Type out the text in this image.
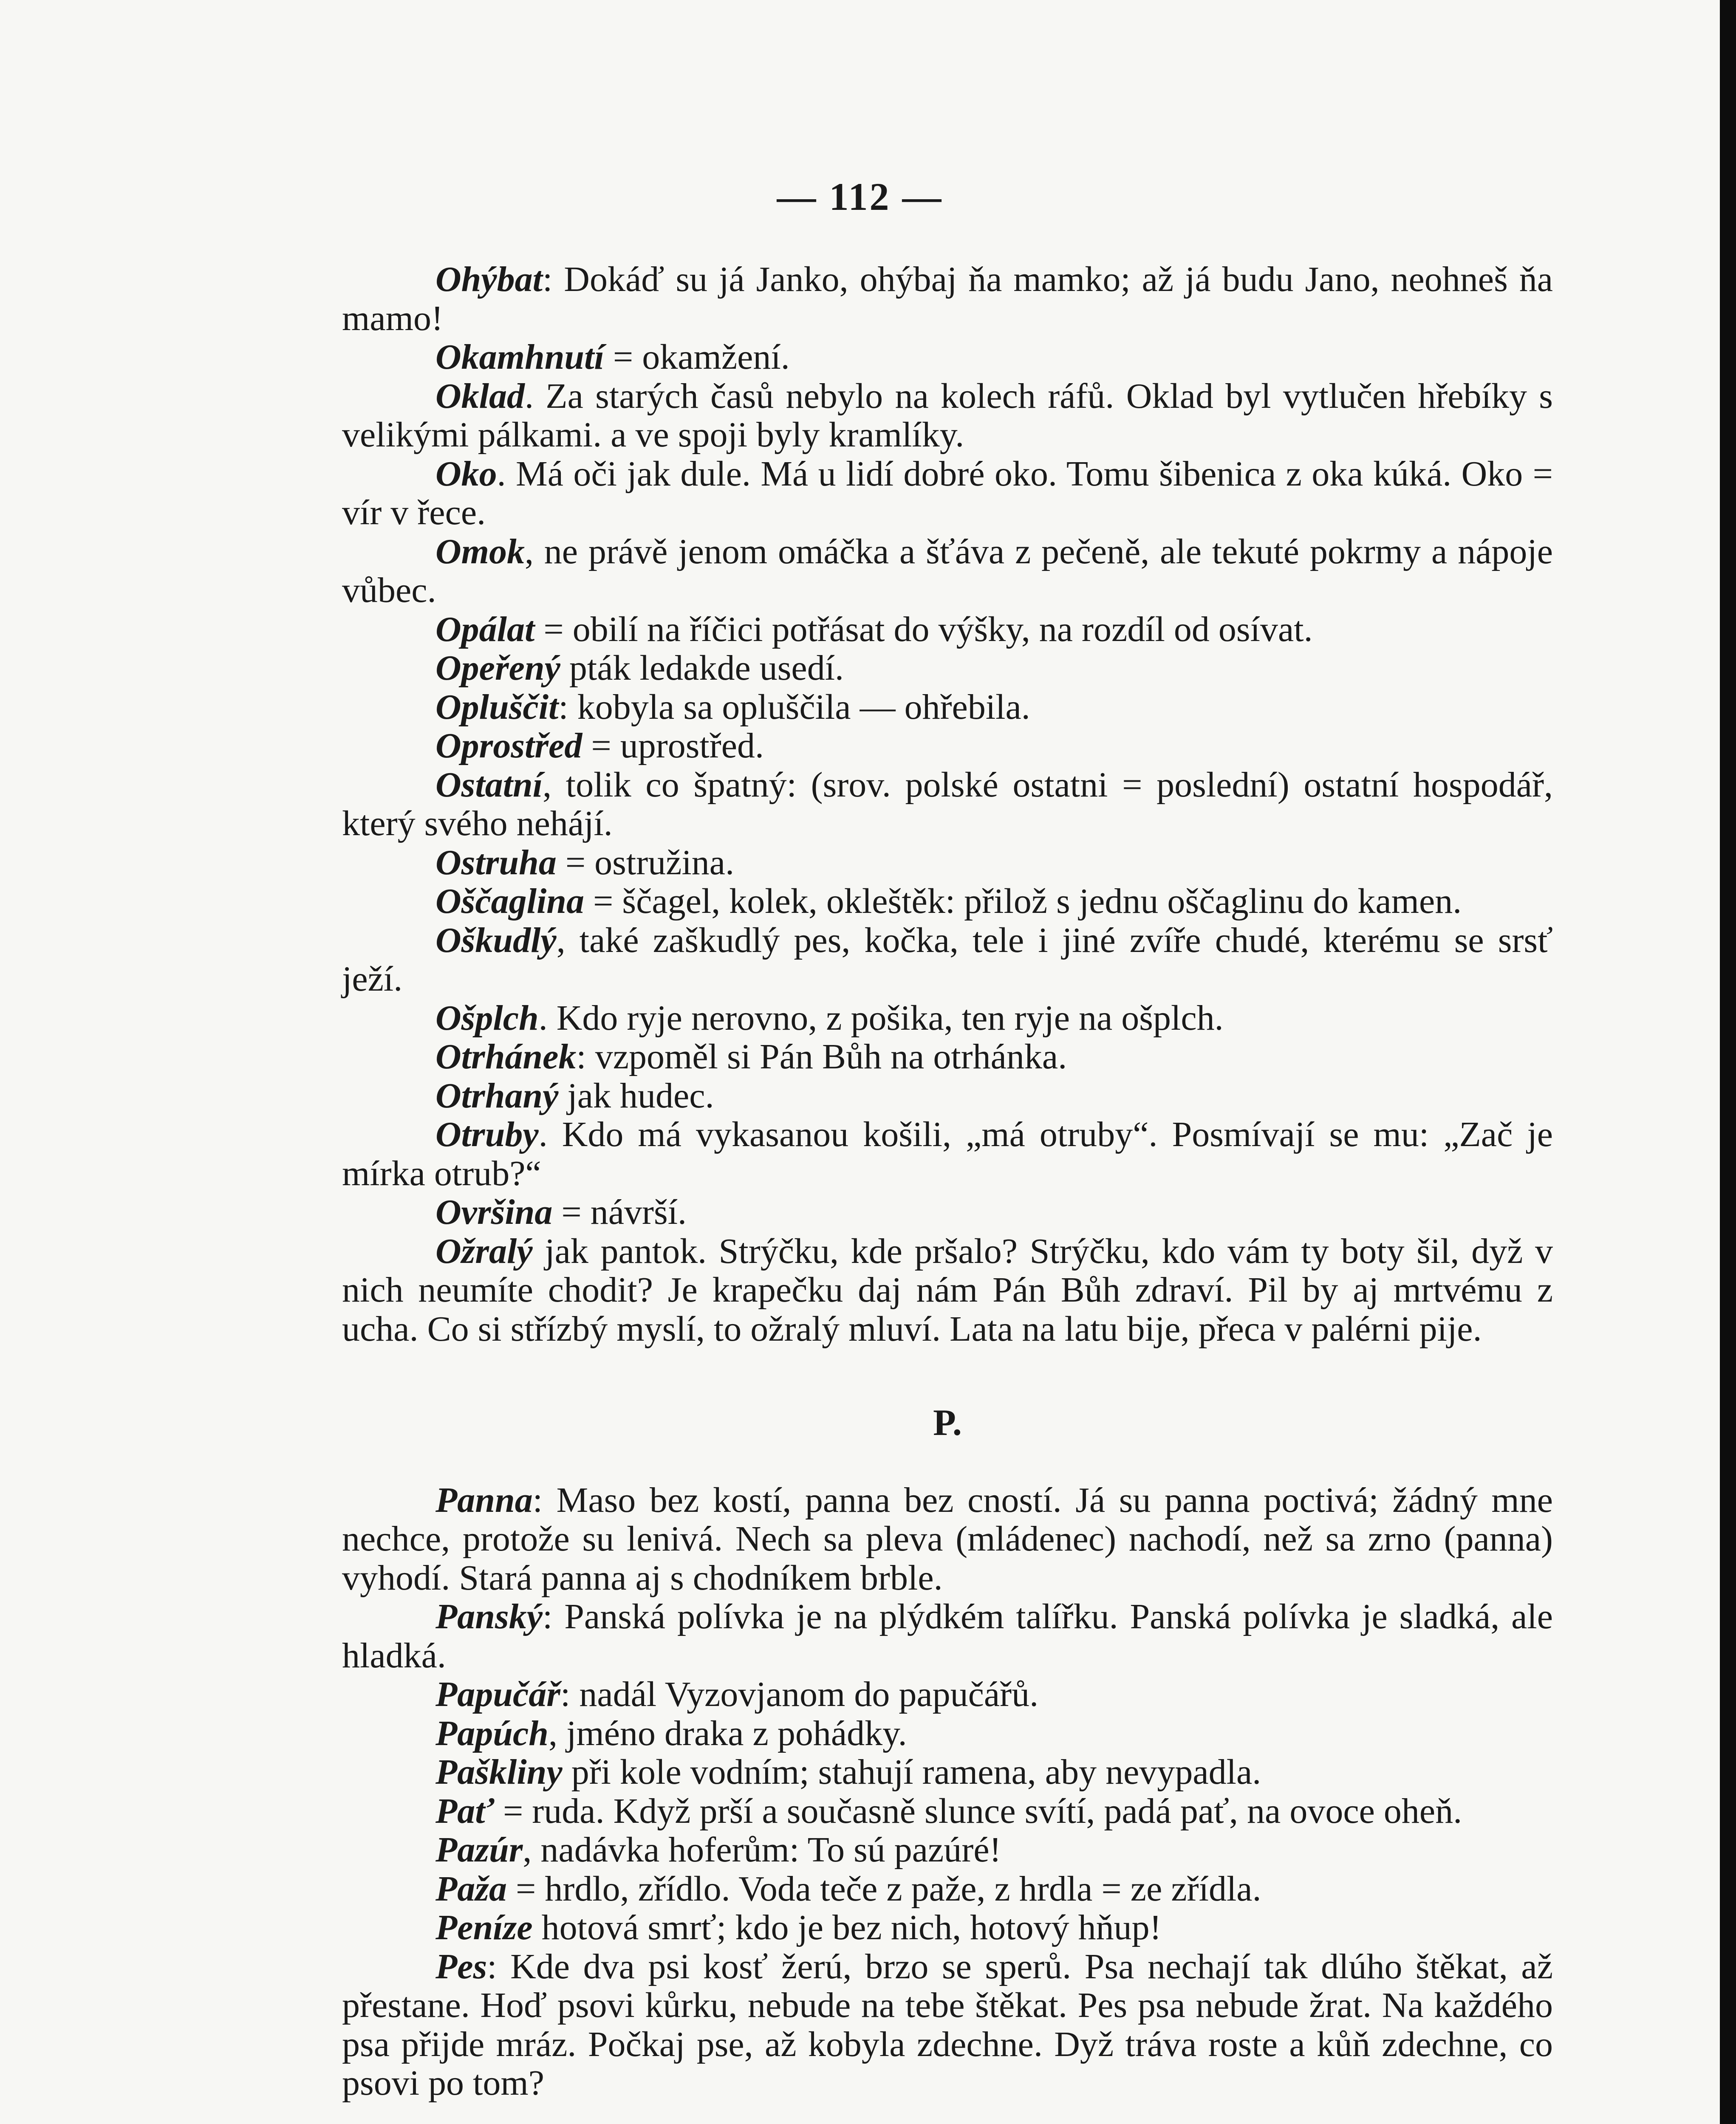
— 112 —

Ohýbat: Dokáď su já Janko, ohýbaj ňa mamko; až já budu Jano, neohneš ňa mamo!

Okamhnutí = okamžení.

Oklad. Za starých časů nebylo na kolech ráfů. Oklad byl vytlučen hřebíky s velikými pálkami. a ve spoji byly kramlíky.

Oko. Má oči jak dule. Má u lidí dobré oko. Tomu šibenica z oka kúká. Oko = vír v řece.

Omok, ne právě jenom omáčka a šťáva z pečeně, ale tekuté pokrmy a nápoje vůbec.

Opálat = obilí na říčici potřásat do výšky, na rozdíl od osívat.

Opeřený pták ledakde usedí.

Opluščit: kobyla sa opluščila — ohřebila.

Oprostřed = uprostřed.

Ostatní, tolik co špatný: (srov. polské ostatni = poslední) ostatní hospodář, který svého nehájí.

Ostruha = ostružina.

Oščaglina = ščagel, kolek, okleštěk: přilož s jednu oščaglinu do kamen.

Oškudlý, také zaškudlý pes, kočka, tele i jiné zvíře chudé, kterému se srsť ježí.

Ošplch. Kdo ryje nerovno, z pošika, ten ryje na ošplch.

Otrhánek: vzpoměl si Pán Bůh na otrhánka.

Otrhaný jak hudec.

Otruby. Kdo má vykasanou košili, „má otruby“. Posmívají se mu: „Zač je mírka otrub?“

Ovršina = návrší.

Ožralý jak pantok. Strýčku, kde pršalo? Strýčku, kdo vám ty boty šil, dyž v nich neumíte chodit? Je krapečku daj nám Pán Bůh zdraví. Pil by aj mrtvému z ucha. Co si střízbý myslí, to ožralý mluví. Lata na latu bije, přeca v palérni pije.

P.

Panna: Maso bez kostí, panna bez cností. Já su panna poctivá; žádný mne nechce, protože su lenivá. Nech sa pleva (mládenec) nachodí, než sa zrno (panna) vyhodí. Stará panna aj s chodníkem brble.

Panský: Panská polívka je na plýdkém talířku. Panská polívka je sladká, ale hladká.

Papučář: nadál Vyzovjanom do papučářů.

Papúch, jméno draka z pohádky.

Paškliny při kole vodním; stahují ramena, aby nevypadla.

Pať = ruda. Když prší a současně slunce svítí, padá pať, na ovoce oheň.

Pazúr, nadávka hoferům: To sú pazúré!

Paža = hrdlo, zřídlo. Voda teče z paže, z hrdla = ze zřídla.

Peníze hotová smrť; kdo je bez nich, hotový hňup!

Pes: Kde dva psi kosť žerú, brzo se sperů. Psa nechají tak dlúho štěkat, až přestane. Hoď psovi kůrku, nebude na tebe štěkat. Pes psa nebude žrat. Na každého psa přijde mráz. Počkaj pse, až kobyla zdechne. Dyž tráva roste a kůň zdechne, co psovi po tom?
